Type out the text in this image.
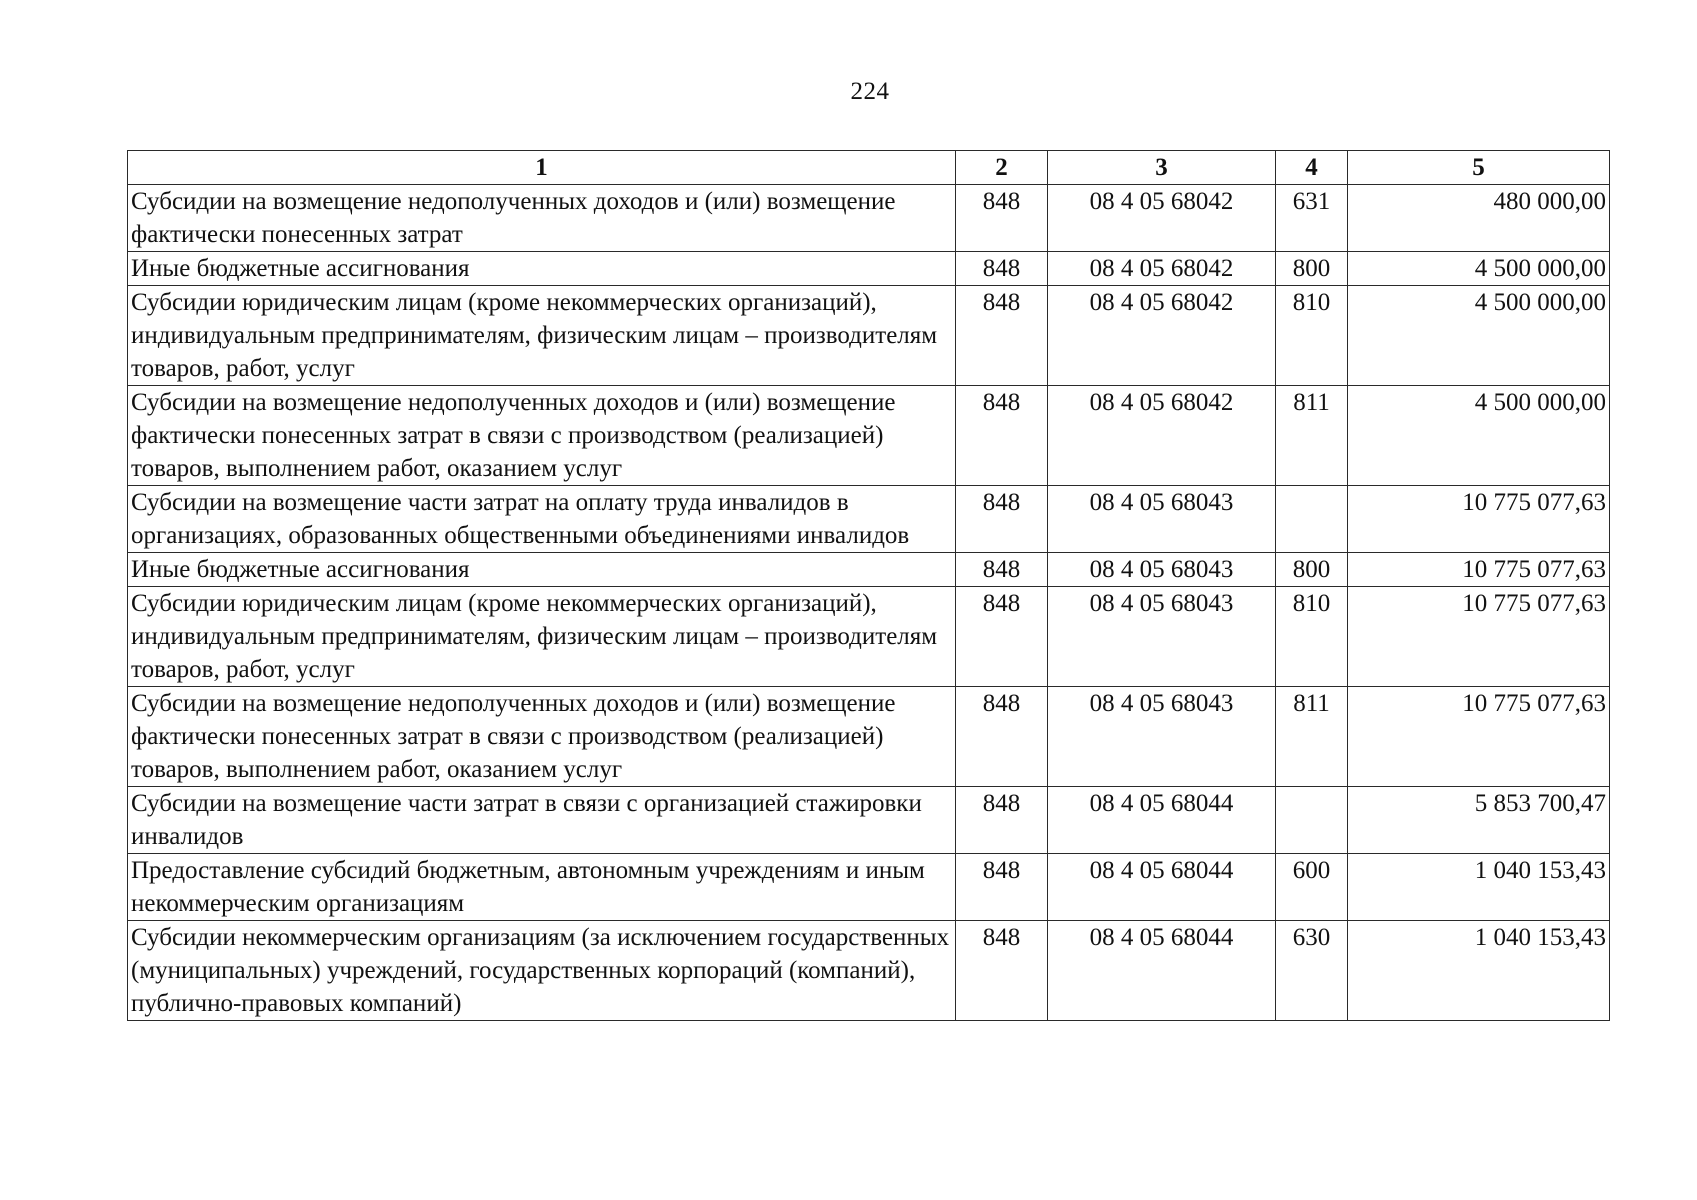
224
1	2	3	4	5
Субсидии на возмещение недополученных доходов и (или) возмещение фактически понесенных затрат	848	08 4 05 68042	631	480 000,00
Иные бюджетные ассигнования	848	08 4 05 68042	800	4 500 000,00
Субсидии юридическим лицам (кроме некоммерческих организаций), индивидуальным предпринимателям, физическим лицам – производителям товаров, работ, услуг	848	08 4 05 68042	810	4 500 000,00
Субсидии на возмещение недополученных доходов и (или) возмещение фактически понесенных затрат в связи с производством (реализацией) товаров, выполнением работ, оказанием услуг	848	08 4 05 68042	811	4 500 000,00
Субсидии на возмещение части затрат на оплату труда инвалидов в организациях, образованных общественными объединениями инвалидов	848	08 4 05 68043		10 775 077,63
Иные бюджетные ассигнования	848	08 4 05 68043	800	10 775 077,63
Субсидии юридическим лицам (кроме некоммерческих организаций), индивидуальным предпринимателям, физическим лицам – производителям товаров, работ, услуг	848	08 4 05 68043	810	10 775 077,63
Субсидии на возмещение недополученных доходов и (или) возмещение фактически понесенных затрат в связи с производством (реализацией) товаров, выполнением работ, оказанием услуг	848	08 4 05 68043	811	10 775 077,63
Субсидии на возмещение части затрат в связи с организацией стажировки инвалидов	848	08 4 05 68044		5 853 700,47
Предоставление субсидий бюджетным, автономным учреждениям и иным некоммерческим организациям	848	08 4 05 68044	600	1 040 153,43
Субсидии некоммерческим организациям (за исключением государственных (муниципальных) учреждений, государственных корпораций (компаний), публично-правовых компаний)	848	08 4 05 68044	630	1 040 153,43
